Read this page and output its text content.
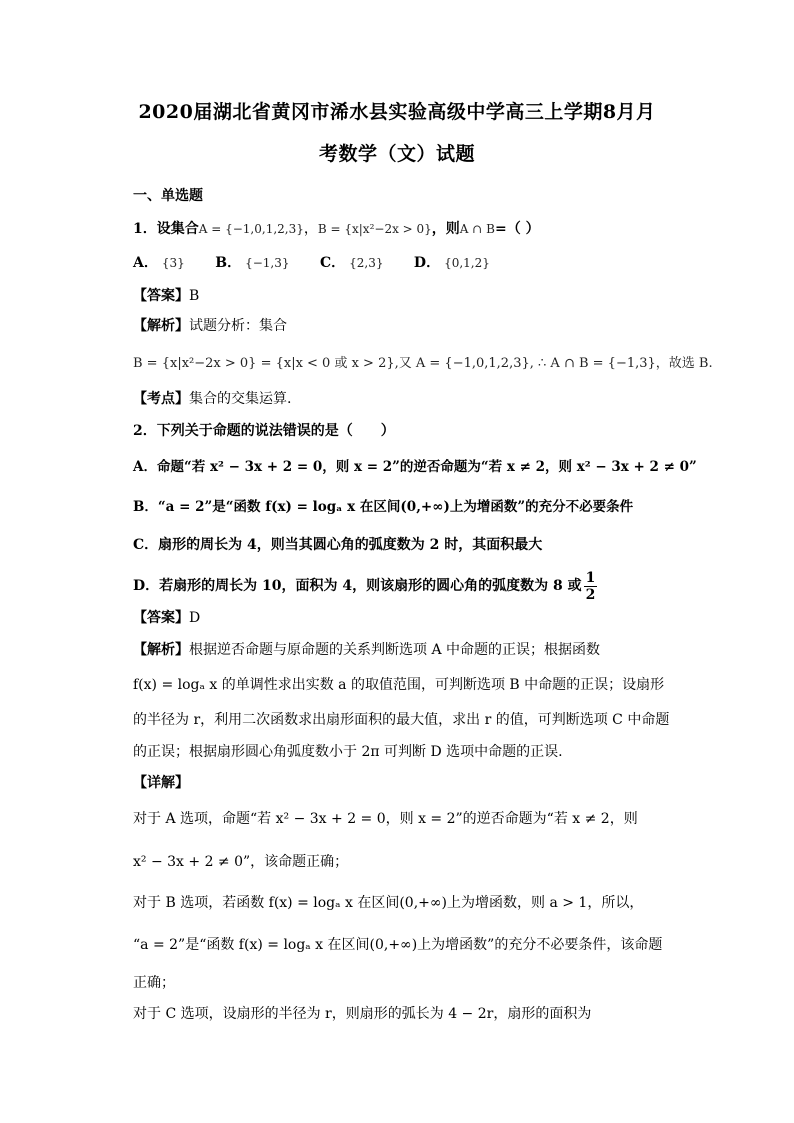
2020届湖北省黄冈市浠水县实验高级中学高三上学期8月月
考数学（文）试题
一、单选题
1．设集合A = {−1,0,1,2,3}，B = {x|x²−2x > 0}，则A ∩ B=（ ）
A． {3} B． {−1,3} C． {2,3} D． {0,1,2}
【答案】B
【解析】试题分析：集合
B = {x|x²−2x > 0} = {x|x < 0 或 x > 2},又 A = {−1,0,1,2,3}, ∴ A ∩ B = {−1,3}，故选 B.
【考点】集合的交集运算.
2．下列关于命题的说法错误的是（　　）
A．命题“若 x² − 3x + 2 = 0，则 x = 2”的逆否命题为“若 x ≠ 2，则 x² − 3x + 2 ≠ 0”
B．“a = 2”是“函数 f(x) = logₐ x 在区间(0,+∞)上为增函数”的充分不必要条件
C．扇形的周长为 4，则当其圆心角的弧度数为 2 时，其面积最大
D．若扇形的周长为 10，面积为 4，则该扇形的圆心角的弧度数为 8 或 $\frac{1}{2}$
【答案】D
【解析】根据逆否命题与原命题的关系判断选项 A 中命题的正误；根据函数
f(x) = logₐ x 的单调性求出实数 a 的取值范围，可判断选项 B 中命题的正误；设扇形
的半径为 r，利用二次函数求出扇形面积的最大值，求出 r 的值，可判断选项 C 中命题
的正误；根据扇形圆心角弧度数小于 2π 可判断 D 选项中命题的正误.
【详解】
对于 A 选项，命题“若 x² − 3x + 2 = 0，则 x = 2”的逆否命题为“若 x ≠ 2，则
x² − 3x + 2 ≠ 0”，该命题正确；
对于 B 选项，若函数 f(x) = logₐ x 在区间(0,+∞)上为增函数，则 a > 1，所以，
“a = 2”是“函数 f(x) = logₐ x 在区间(0,+∞)上为增函数”的充分不必要条件，该命题
正确；
对于 C 选项，设扇形的半径为 r，则扇形的弧长为 4 − 2r，扇形的面积为
